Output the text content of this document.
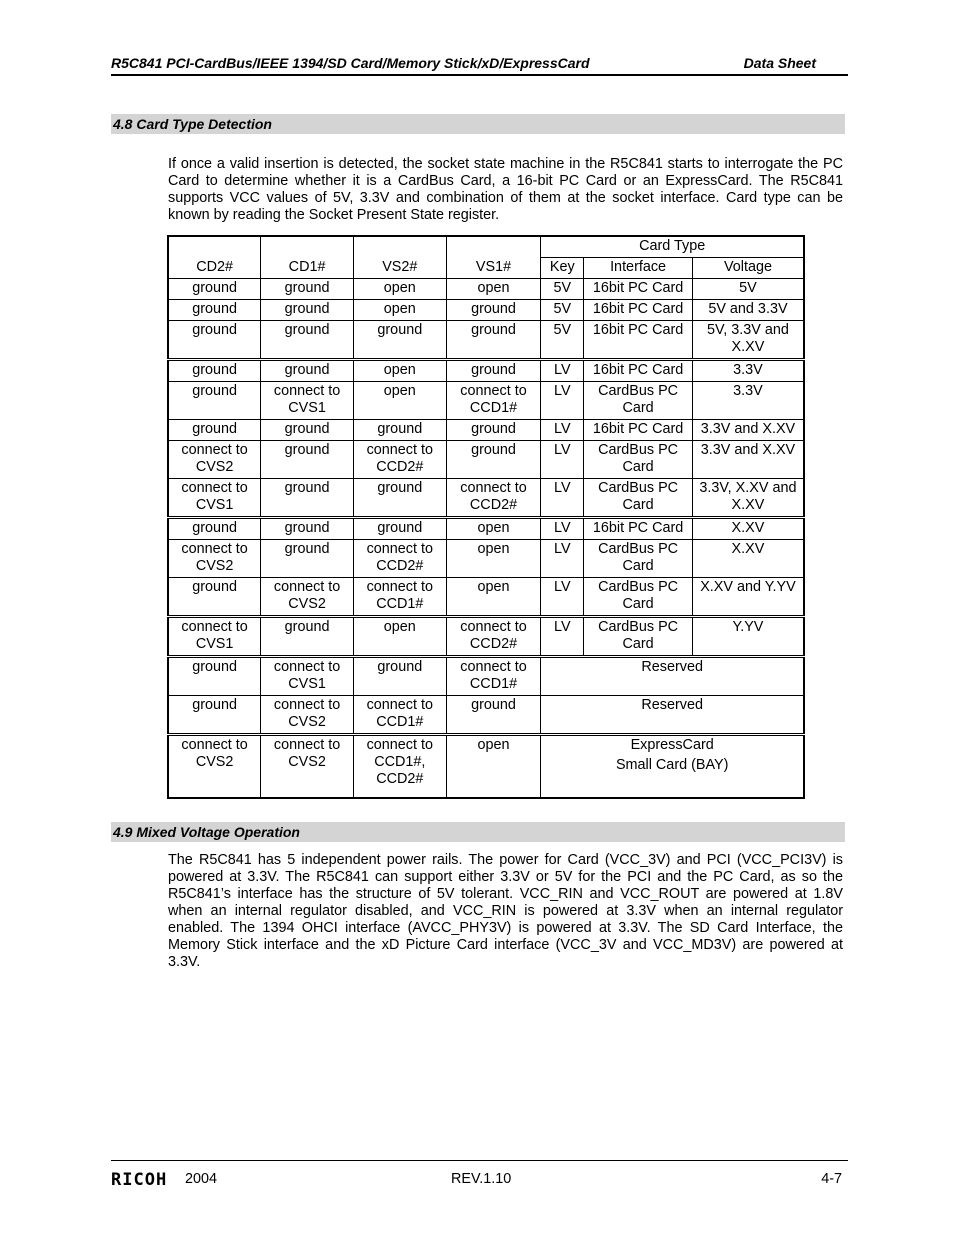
R5C841 PCI-CardBus/IEEE 1394/SD Card/Memory Stick/xD/ExpressCard	Data Sheet
4.8 Card Type Detection
If once a valid insertion is detected, the socket state machine in the R5C841 starts to interrogate the PC Card to determine whether it is a CardBus Card, a 16-bit PC Card or an ExpressCard. The R5C841 supports VCC values of 5V, 3.3V and combination of them at the socket interface. Card type can be known by reading the Socket Present State register.
CD2#	CD1#	VS2#	VS1#	Card Type		
				Key	Interface	Voltage
ground	ground	open	open	5V	16bit PC Card	5V
ground	ground	open	ground	5V	16bit PC Card	5V and 3.3V
ground	ground	ground	ground	5V	16bit PC Card	5V, 3.3V and X.XV
ground	ground	open	ground	LV	16bit PC Card	3.3V
ground	connect to CVS1	open	connect to CCD1#	LV	CardBus PC Card	3.3V
ground	ground	ground	ground	LV	16bit PC Card	3.3V and X.XV
connect to CVS2	ground	connect to CCD2#	ground	LV	CardBus PC Card	3.3V and X.XV
connect to CVS1	ground	ground	connect to CCD2#	LV	CardBus PC Card	3.3V, X.XV and X.XV
ground	ground	ground	open	LV	16bit PC Card	X.XV
connect to CVS2	ground	connect to CCD2#	open	LV	CardBus PC Card	X.XV
ground	connect to CVS2	connect to CCD1#	open	LV	CardBus PC Card	X.XV and Y.YV
connect to CVS1	ground	open	connect to CCD2#	LV	CardBus PC Card	Y.YV
ground	connect to CVS1	ground	connect to CCD1#	Reserved		
ground	connect to CVS2	connect to CCD1#	ground	Reserved		
connect to CVS2	connect to CVS2	connect to CCD1#, CCD2#	open	ExpressCard
Small Card (BAY)		
4.9 Mixed Voltage Operation
The R5C841 has 5 independent power rails. The power for Card (VCC_3V) and PCI (VCC_PCI3V) is powered at 3.3V. The R5C841 can support either 3.3V or 5V for the PCI and the PC Card, as so the R5C841’s interface has the structure of 5V tolerant. VCC_RIN and VCC_ROUT are powered at 1.8V when an internal regulator disabled, and VCC_RIN is powered at 3.3V when an internal regulator enabled. The 1394 OHCI interface (AVCC_PHY3V) is powered at 3.3V. The SD Card Interface, the Memory Stick interface and the xD Picture Card interface (VCC_3V and VCC_MD3V) are powered at 3.3V.
RICOH 2004	REV.1.10	4-7
